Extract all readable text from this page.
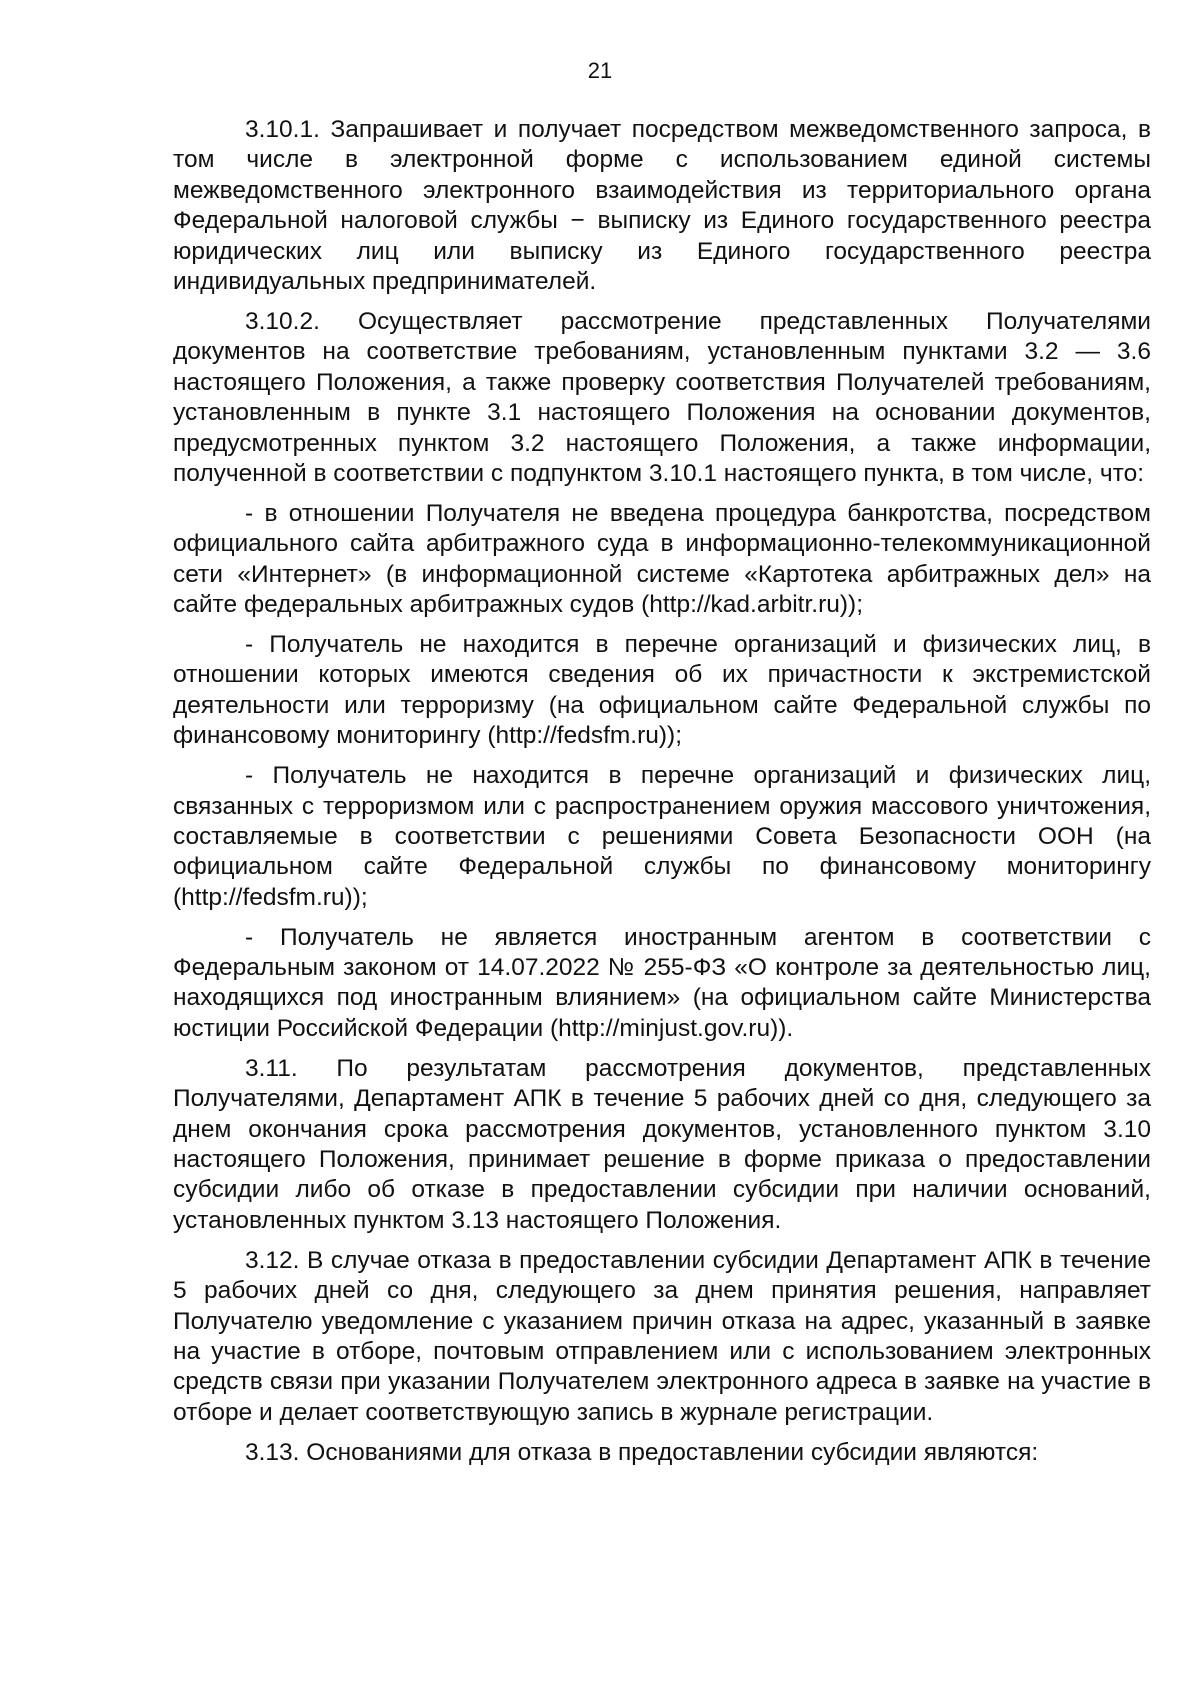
21

3.10.1. Запрашивает и получает посредством межведомственного запроса, в том числе в электронной форме с использованием единой системы межведомственного электронного взаимодействия из территориального органа Федеральной налоговой службы − выписку из Единого государственного реестра юридических лиц или выписку из Единого государственного реестра индивидуальных предпринимателей.

3.10.2. Осуществляет рассмотрение представленных Получателями документов на соответствие требованиям, установленным пунктами 3.2 — 3.6 настоящего Положения, а также проверку соответствия Получателей требованиям, установленным в пункте 3.1 настоящего Положения на основании документов, предусмотренных пунктом 3.2 настоящего Положения, а также информации, полученной в соответствии с подпунктом 3.10.1 настоящего пункта, в том числе, что:

- в отношении Получателя не введена процедура банкротства, посредством официального сайта арбитражного суда в информационно-телекоммуникационной сети «Интернет» (в информационной системе «Картотека арбитражных дел» на сайте федеральных арбитражных судов (http://kad.arbitr.ru));

- Получатель не находится в перечне организаций и физических лиц, в отношении которых имеются сведения об их причастности к экстремистской деятельности или терроризму (на официальном сайте Федеральной службы по финансовому мониторингу (http://fedsfm.ru));

- Получатель не находится в перечне организаций и физических лиц, связанных с терроризмом или с распространением оружия массового уничтожения, составляемые в соответствии с решениями Совета Безопасности ООН (на официальном сайте Федеральной службы по финансовому мониторингу (http://fedsfm.ru));

- Получатель не является иностранным агентом в соответствии с Федеральным законом от 14.07.2022 № 255-ФЗ «О контроле за деятельностью лиц, находящихся под иностранным влиянием» (на официальном сайте Министерства юстиции Российской Федерации (http://minjust.gov.ru)).

3.11. По результатам рассмотрения документов, представленных Получателями, Департамент АПК в течение 5 рабочих дней со дня, следующего за днем окончания срока рассмотрения документов, установленного пунктом 3.10 настоящего Положения, принимает решение в форме приказа о предоставлении субсидии либо об отказе в предоставлении субсидии при наличии оснований, установленных пунктом 3.13 настоящего Положения.

3.12. В случае отказа в предоставлении субсидии Департамент АПК в течение 5 рабочих дней со дня, следующего за днем принятия решения, направляет Получателю уведомление с указанием причин отказа на адрес, указанный в заявке на участие в отборе, почтовым отправлением или с использованием электронных средств связи при указании Получателем электронного адреса в заявке на участие в отборе и делает соответствующую запись в журнале регистрации.

3.13. Основаниями для отказа в предоставлении субсидии являются:
